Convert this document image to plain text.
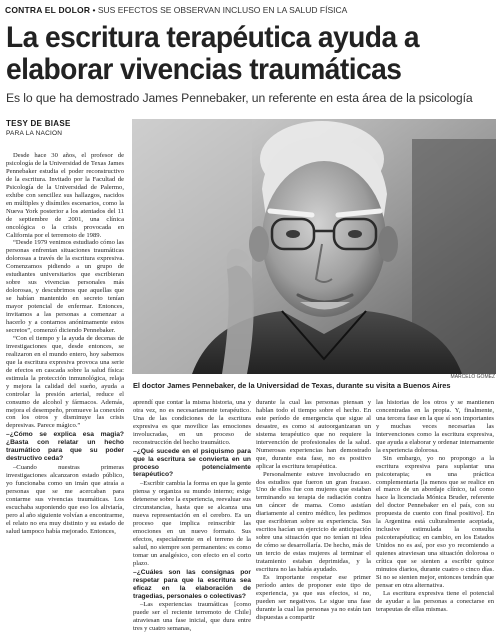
CONTRA EL DOLOR • SUS EFECTOS SE OBSERVAN INCLUSO EN LA SALUD FÍSICA
La escritura terapéutica ayuda a
elaborar vivencias traumáticas
Es lo que ha demostrado James Pennebaker, un referente en esta área de la psicología
TESY DE BIASE
PARA LA NACION

Desde hace 30 años, el profesor de psicología de la Universidad de Texas James Pennebaker estudia el poder reconstructivo de la escritura. Invitado por la Facultad de Psicología de la Universidad de Palermo, exhibe con sencillez sus hallazgos, nacidos en múltiples y disímiles escenarios, como la Nueva York posterior a los atentados del 11 de septiembre de 2001, una clínica oncológica o la crisis provocada en California por el terremoto de 1989.

“Desde 1979 venimos estudiado cómo las personas enfrentan situaciones traumáticas dolorosas a través de la escritura expresiva. Comenzamos pidiendo a un grupo de estudiantes universitarios que escribieran sobre sus vivencias personales más dolorosas, y descubrimos que aquellas que se habían mantenido en secreto tenían mayor potencial de enfermar. Entonces, invitamos a las personas a comenzar a hacerlo y a contarnos anónimamente estos secretos”, comenzó diciendo Pennebaker.

“Con el tiempo y la ayuda de decenas de investigaciones que, desde entonces, se realizaron en el mundo entero, hoy sabemos que la escritura expresiva provoca una serie de efectos en cascada sobre la salud física: estimula la protección inmunológica, relaja y mejora la calidad del sueño, ayuda a controlar la presión arterial, reduce el consumo de alcohol y fármacos. Además, mejora el desempeño, promueve la conexión con los otros y disminuye las crisis depresivas. Parece mágico.”

–¿Cómo se explica esa magia? ¿Basta con relatar un hecho traumático para que su poder destructivo ceda?

–Cuando nuestras primeras investigaciones alcanzaron estado público, yo funcionaba como un imán que atraía a personas que se me acercaban para contarme sus vivencias traumáticas. Los escuchaba suponiendo que eso los aliviaría, pero al año siguiente volvían a encontrarme, el relato no era muy distinto y su estado de salud tampoco había mejorado. Entonces,

MARCELO GÓMEZ
El doctor James Pennebaker, de la Universidad de Texas, durante su visita a Buenos Aires

aprendí que contar la misma historia, una y otra vez, no es necesariamente terapéutico. Una de las condiciones de la escritura expresiva es que movilice las emociones involucradas, en un proceso de reconstrucción del hecho traumático.

–¿Qué sucede en el psiquismo para que la escritura se convierta en un proceso potencialmente terapéutico?

–Escribir cambia la forma en que la gente piensa y organiza su mundo interno; exige detenerse sobre la experiencia, reevaluar sus circunstancias, hasta que se alcanza una nueva representación en el cerebro. Es un proceso que implica reinscribir las emociones en un nuevo formato. Sus efectos, especialmente en el terreno de la salud, no siempre son permanentes: es como tomar un analgésico, con efecto en el corto plazo.

–¿Cuáles son las consignas por respetar para que la escritura sea eficaz en la elaboración de tragedias, personales o colectivas?

–Las experiencias traumáticas [como puede ser el reciente terremoto de Chile] atraviesan una fase inicial, que dura entre tres y cuatro semanas,

durante la cual las personas piensan y hablan todo el tiempo sobre el hecho. En este período de emergencia que sigue al desastre, es como si autoorganizaran un sistema terapéutico que no requiere la intervención de profesionales de la salud. Numerosas experiencias han demostrado que, durante esta fase, no es positivo aplicar la escritura terapéutica.

Personalmente estuve involucrado en dos estudios que fueron un gran fracaso. Uno de ellos fue con mujeres que estaban terminando su terapia de radiación contra un cáncer de mama. Como asistían diariamente al centro médico, les pedimos que escribieran sobre su experiencia. Sus escritos hacían un ejercicio de anticipación sobre una situación que no tenían ni idea de cómo se desarrollaría. De hecho, más de un tercio de estas mujeres al terminar el tratamiento estaban deprimidas, y la escritura no las había ayudado.

Es importante respetar ese primer período antes de proponer este tipo de experiencia, ya que sus efectos, si no, pueden ser negativos. Le sigue una fase durante la cual las personas ya no están tan dispuestas a compartir

las historias de los otros y se mantienen concentradas en la propia. Y, finalmente, una tercera fase en la que sí son importantes y muchas veces necesarias las intervenciones como la escritura expresiva, que ayuda a elaborar y ordenar internamente la experiencia dolorosa.

Sin embargo, yo no propongo a la escritura expresiva para suplantar una psicoterapia; es una práctica complementaria [la menos que se realice en el marco de un abordaje clínico, tal como hace la licenciada Mónica Bruder, referente del doctor Pennebaker en el país, con su propuesta de cuento con final positivo]. En la Argentina está culturalmente aceptada, inclusive estimulada la consulta psicoterapéutica; en cambio, en los Estados Unidos no es así, por eso yo recomiendo a quienes atraviesan una situación dolorosa o crítica que se sienten a escribir quince minutos diarios, durante cuatro o cinco días. Si no se sienten mejor, entonces tendrán que pensar en otra alternativa.

La escritura expresiva tiene el potencial de ayudar a las personas a conectarse en terapeutas de ellas mismas.
